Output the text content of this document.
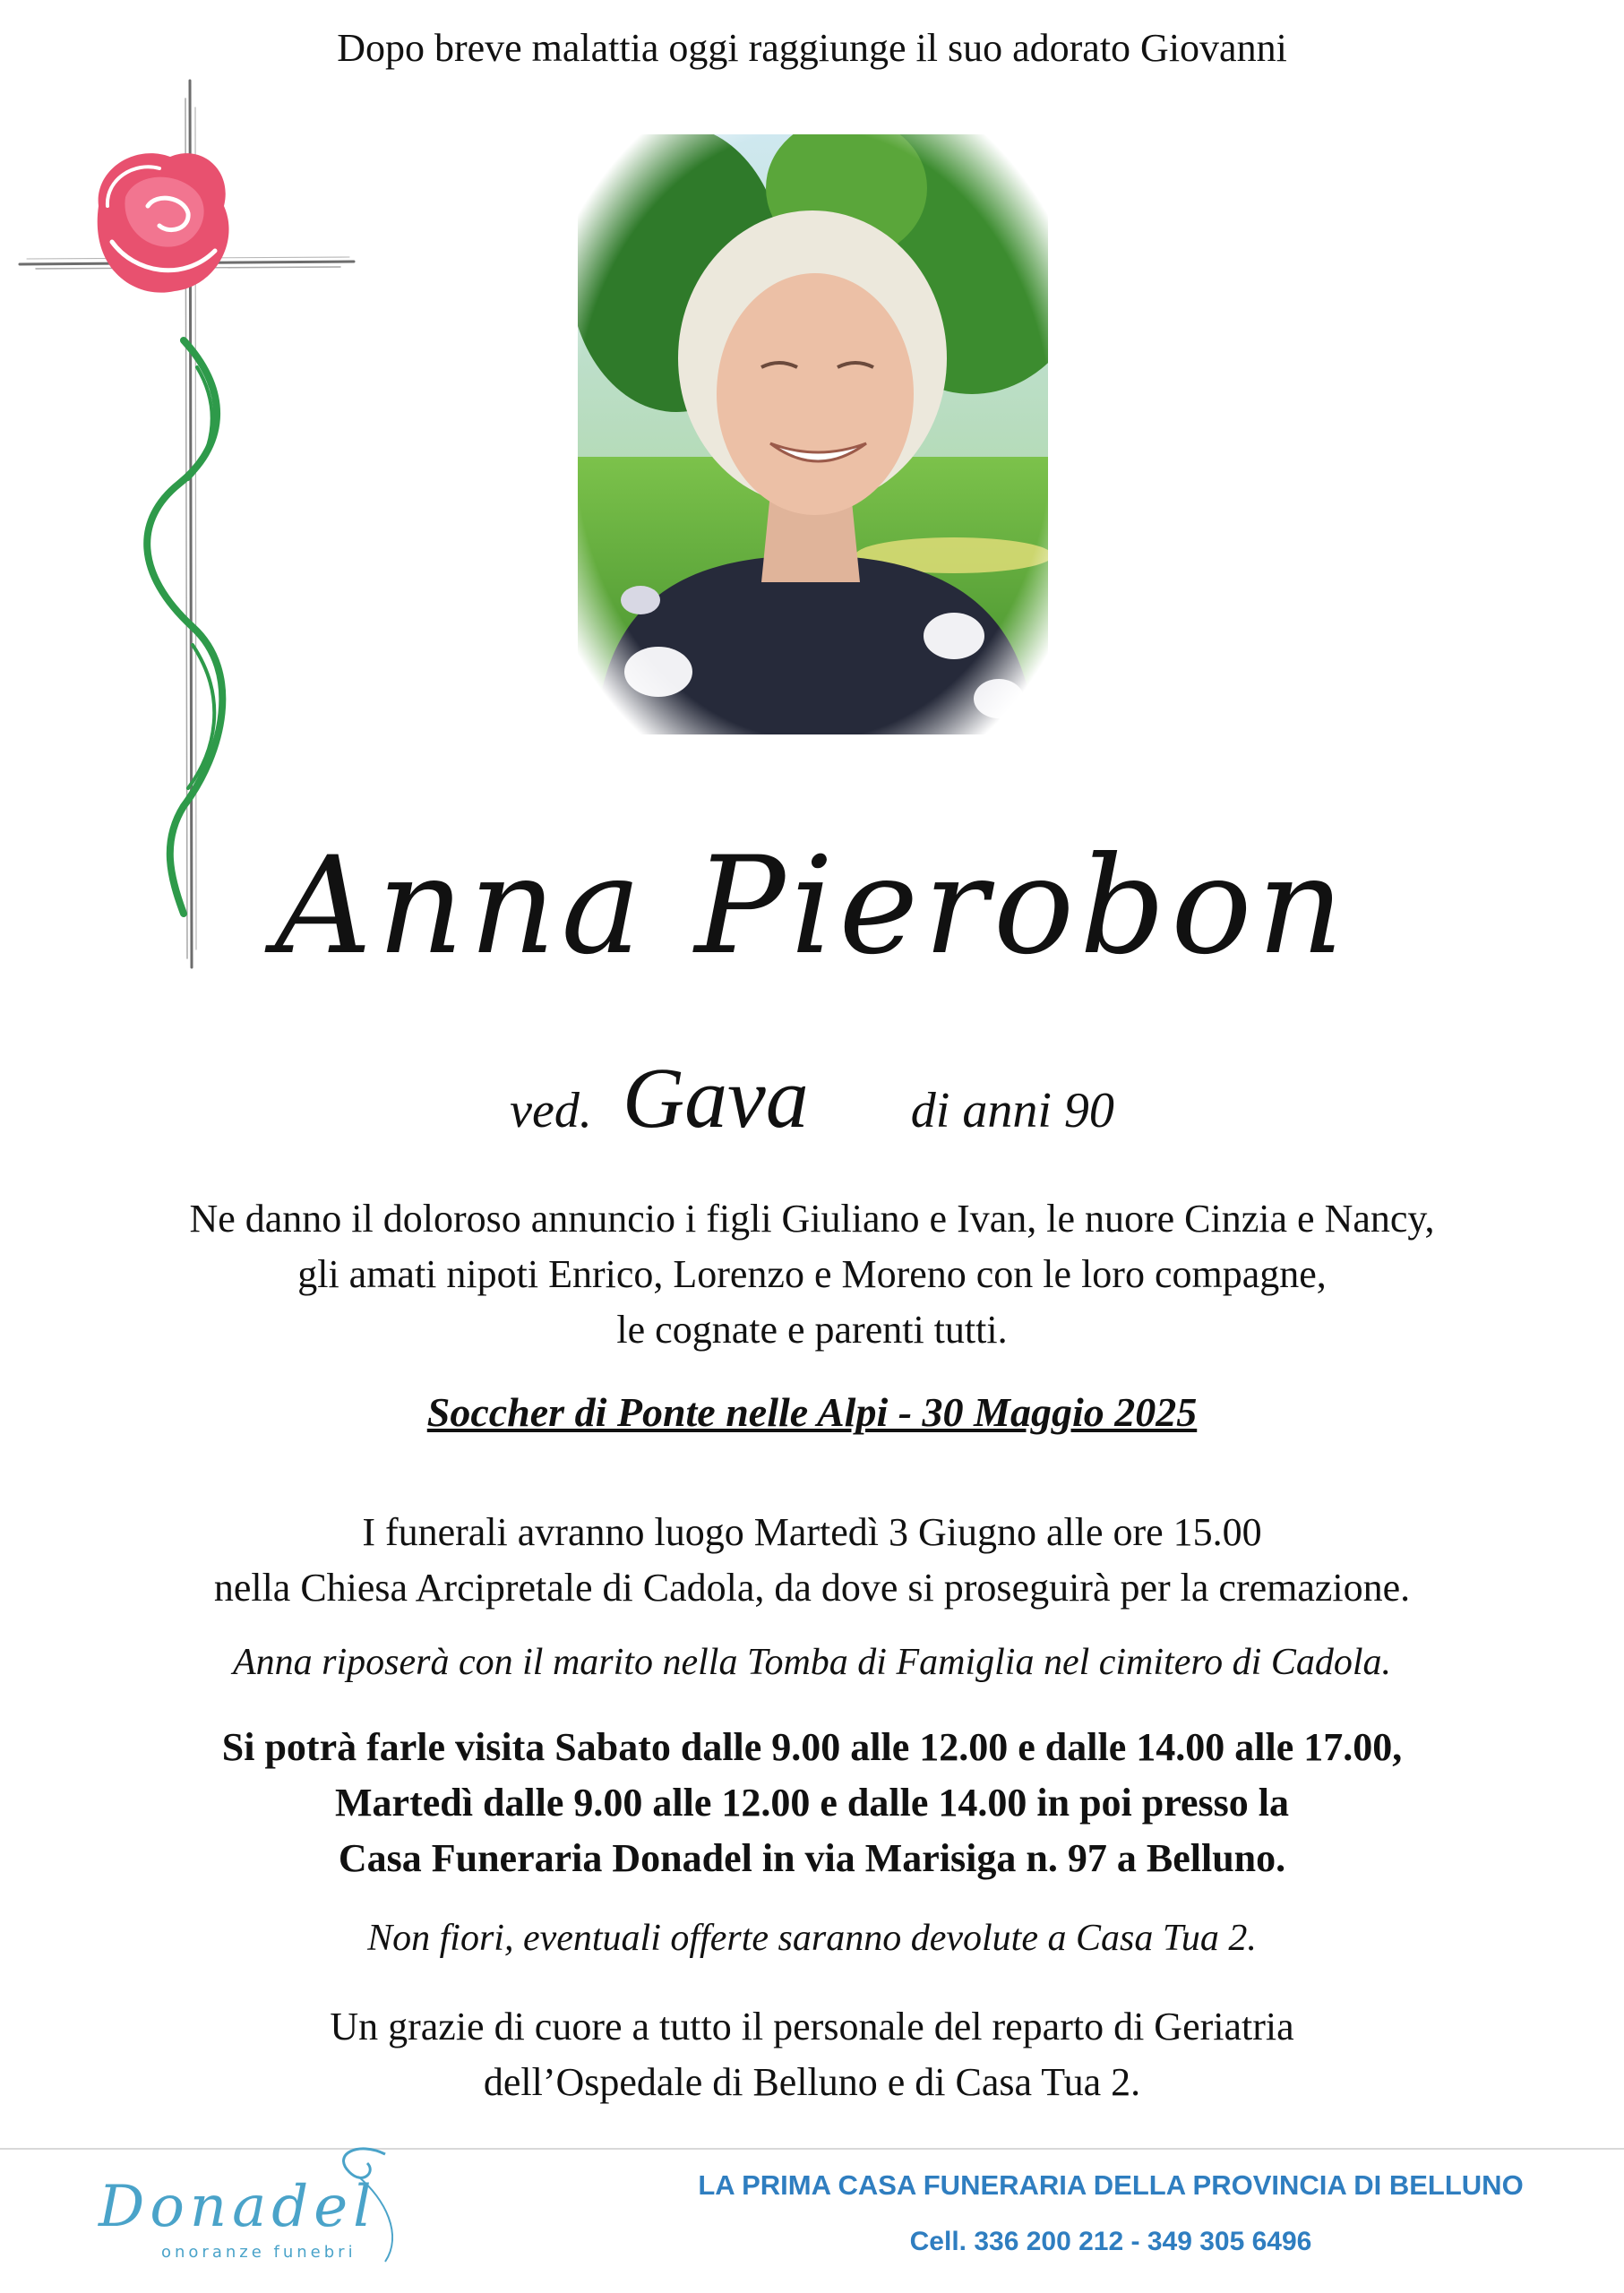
Dopo breve malattia oggi raggiunge il suo adorato Giovanni
Anna Pierobon
ved. Gava di anni 90
Ne danno il doloroso annuncio i figli Giuliano e Ivan, le nuore Cinzia e Nancy,
gli amati nipoti Enrico, Lorenzo e Moreno con le loro compagne,
le cognate e parenti tutti.
Soccher di Ponte nelle Alpi - 30 Maggio 2025
I funerali avranno luogo Martedì 3 Giugno alle ore 15.00
nella Chiesa Arcipretale di Cadola, da dove si proseguirà per la cremazione.
Anna riposerà con il marito nella Tomba di Famiglia nel cimitero di Cadola.
Si potrà farle visita Sabato dalle 9.00 alle 12.00 e dalle 14.00 alle 17.00,
Martedì dalle 9.00 alle 12.00 e dalle 14.00 in poi presso la
Casa Funeraria Donadel in via Marisiga n. 97 a Belluno.
Non fiori, eventuali offerte saranno devolute a Casa Tua 2.
Un grazie di cuore a tutto il personale del reparto di Geriatria
dell’Ospedale di Belluno e di Casa Tua 2.
Donadel
onoranze funebri
LA PRIMA CASA FUNERARIA DELLA PROVINCIA DI BELLUNO
Cell. 336 200 212 - 349 305 6496
